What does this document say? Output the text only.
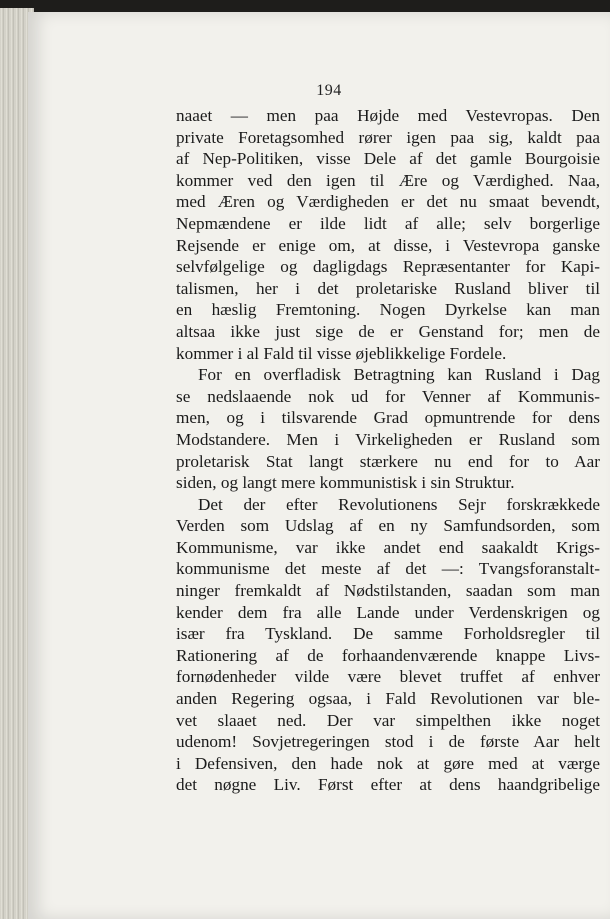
194
naaet — men paa Højde med Vestevropas. Den
private Foretagsomhed rører igen paa sig, kaldt paa
af Nep-Politiken, visse Dele af det gamle Bourgoisie
kommer ved den igen til Ære og Værdighed. Naa,
med Æren og Værdigheden er det nu smaat bevendt,
Nepmændene er ilde lidt af alle; selv borgerlige
Rejsende er enige om, at disse, i Vestevropa ganske
selvfølgelige og dagligdags Repræsentanter for Kapi-
talismen, her i det proletariske Rusland bliver til
en hæslig Fremtoning. Nogen Dyrkelse kan man
altsaa ikke just sige de er Genstand for; men de
kommer i al Fald til visse øjeblikkelige Fordele.
For en overfladisk Betragtning kan Rusland i Dag
se nedslaaende nok ud for Venner af Kommunis-
men, og i tilsvarende Grad opmuntrende for dens
Modstandere. Men i Virkeligheden er Rusland som
proletarisk Stat langt stærkere nu end for to Aar
siden, og langt mere kommunistisk i sin Struktur.
Det der efter Revolutionens Sejr forskrækkede
Verden som Udslag af en ny Samfundsorden, som
Kommunisme, var ikke andet end saakaldt Krigs-
kommunisme det meste af det —: Tvangsforanstalt-
ninger fremkaldt af Nødstilstanden, saadan som man
kender dem fra alle Lande under Verdenskrigen og
især fra Tyskland. De samme Forholdsregler til
Rationering af de forhaandenværende knappe Livs-
fornødenheder vilde være blevet truffet af enhver
anden Regering ogsaa, i Fald Revolutionen var ble-
vet slaaet ned. Der var simpelthen ikke noget
udenom! Sovjetregeringen stod i de første Aar helt
i Defensiven, den hade nok at gøre med at værge
det nøgne Liv. Først efter at dens haandgribelige
